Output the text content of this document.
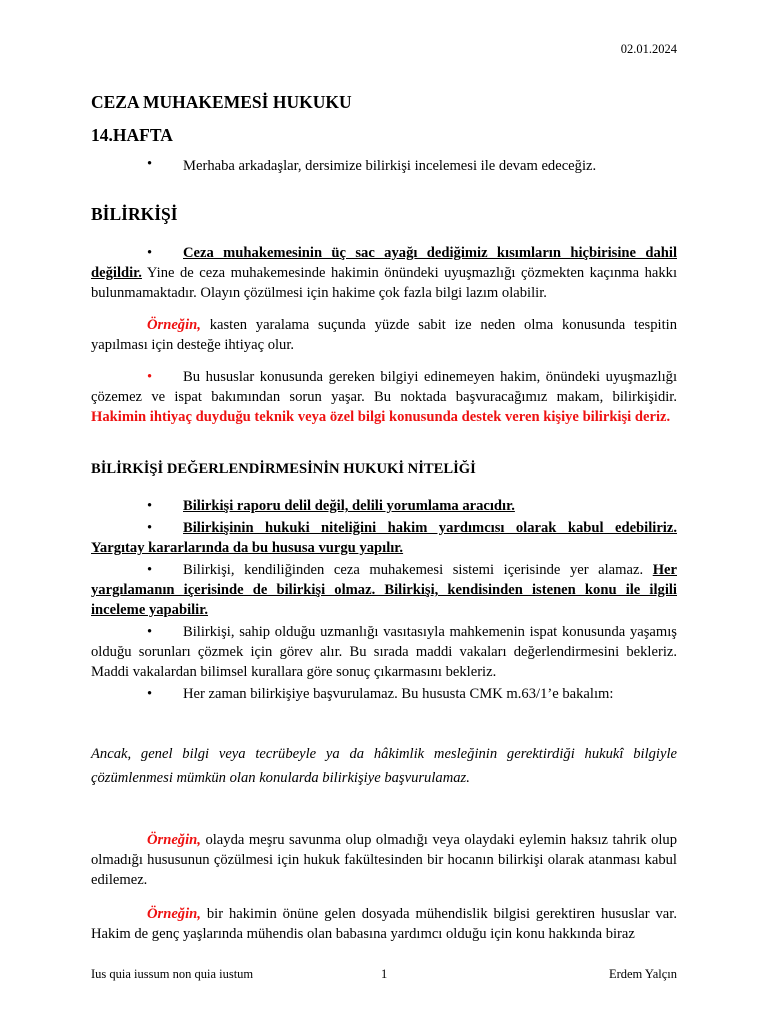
02.01.2024
CEZA MUHAKEMESİ HUKUKU
14.HAFTA
•	Merhaba arkadaşlar, dersimize bilirkişi incelemesi ile devam edeceğiz.

BİLİRKİŞİ

• Ceza muhakemesinin üç sac ayağı dediğimiz kısımların hiçbirisine dahil değildir. Yine de ceza muhakemesinde hakimin önündeki uyuşmazlığı çözmekten kaçınma hakkı bulunmamaktadır. Olayın çözülmesi için hakime çok fazla bilgi lazım olabilir.

Örneğin, kasten yaralama suçunda yüzde sabit ize neden olma konusunda tespitin yapılması için desteğe ihtiyaç olur.

• Bu hususlar konusunda gereken bilgiyi edinemeyen hakim, önündeki uyuşmazlığı çözemez ve ispat bakımından sorun yaşar. Bu noktada başvuracağımız makam, bilirkişidir. Hakimin ihtiyaç duyduğu teknik veya özel bilgi konusunda destek veren kişiye bilirkişi deriz.

BİLİRKİŞİ DEĞERLENDİRMESİNİN HUKUKİ NİTELİĞİ

• Bilirkişi raporu delil değil, delili yorumlama aracıdır.

• Bilirkişinin hukuki niteliğini hakim yardımcısı olarak kabul edebiliriz. Yargıtay kararlarında da bu hususa vurgu yapılır.

• Bilirkişi, kendiliğinden ceza muhakemesi sistemi içerisinde yer alamaz. Her yargılamanın içerisinde de bilirkişi olmaz. Bilirkişi, kendisinden istenen konu ile ilgili inceleme yapabilir.

• Bilirkişi, sahip olduğu uzmanlığı vasıtasıyla mahkemenin ispat konusunda yaşamış olduğu sorunları çözmek için görev alır. Bu sırada maddi vakaları değerlendirmesini bekleriz. Maddi vakalardan bilimsel kurallara göre sonuç çıkarmasını bekleriz.

• Her zaman bilirkişiye başvurulamaz. Bu hususta CMK m.63/1’e bakalım:

Ancak, genel bilgi veya tecrübeyle ya da hâkimlik mesleğinin gerektirdiği hukukî bilgiyle çözümlenmesi mümkün olan konularda bilirkişiye başvurulamaz.

Örneğin, olayda meşru savunma olup olmadığı veya olaydaki eylemin haksız tahrik olup olmadığı hususunun çözülmesi için hukuk fakültesinden bir hocanın bilirkişi olarak atanması kabul edilemez.

Örneğin, bir hakimin önüne gelen dosyada mühendislik bilgisi gerektiren hususlar var. Hakim de genç yaşlarında mühendis olan babasına yardımcı olduğu için konu hakkında biraz

Ius quia iussum non quia iustum	1	Erdem Yalçın
